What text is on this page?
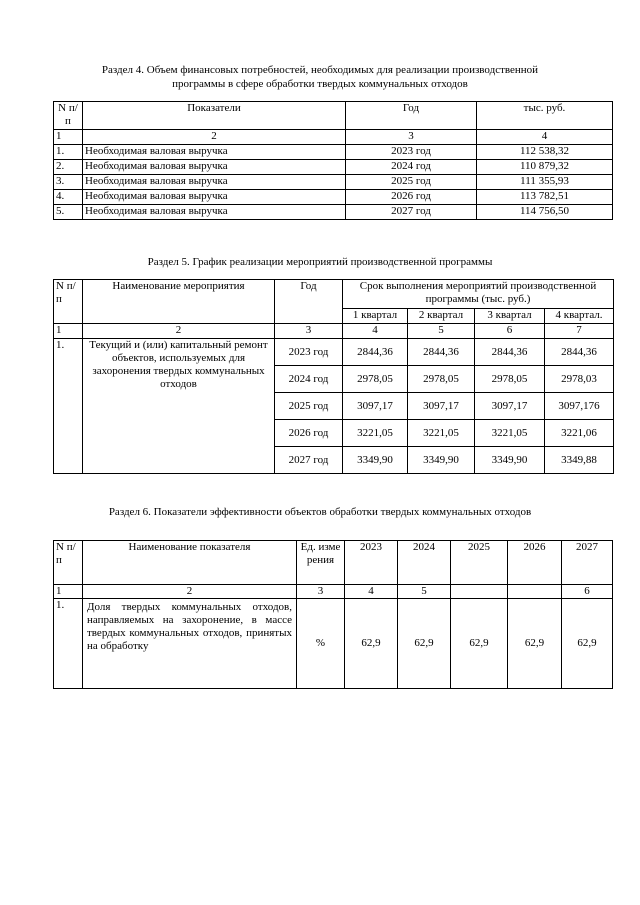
Раздел 4. Объем финансовых потребностей, необходимых для реализации производственной
программы в сфере обработки твердых коммунальных отходов
N п/п	Показатели	Год	тыс. руб.
1	2	3	4
1.	Необходимая валовая выручка	2023 год	112 538,32
2.	Необходимая валовая выручка	2024 год	110 879,32
3.	Необходимая валовая выручка	2025 год	111 355,93
4.	Необходимая валовая выручка	2026 год	113 782,51
5.	Необходимая валовая выручка	2027 год	114 756,50
Раздел 5. График реализации мероприятий производственной программы
N п/ п	Наименование мероприятия	Год	Срок выполнения мероприятий производственной программы (тыс. руб.)			
			1 квартал	2 квартал	3 квартал	4 квартал.
1	2	3	4	5	6	7
1.	Текущий и (или) капитальный ремонт объектов, используемых для захоронения твердых коммунальных отходов	2023 год	2844,36	2844,36	2844,36	2844,36
		2024 год	2978,05	2978,05	2978,05	2978,03
		2025 год	3097,17	3097,17	3097,17	3097,176
		2026 год	3221,05	3221,05	3221,05	3221,06
		2027 год	3349,90	3349,90	3349,90	3349,88
Раздел 6. Показатели эффективности объектов обработки твердых коммунальных отходов
N п/п	Наименование показателя	Ед. измерения	2023	2024	2025	2026	2027
1	2	3	4	5			6
1.	Доля твердых коммунальных отходов, направляемых на захоронение, в массе твердых коммунальных отходов, принятых на обработку	%	62,9	62,9	62,9	62,9	62,9
